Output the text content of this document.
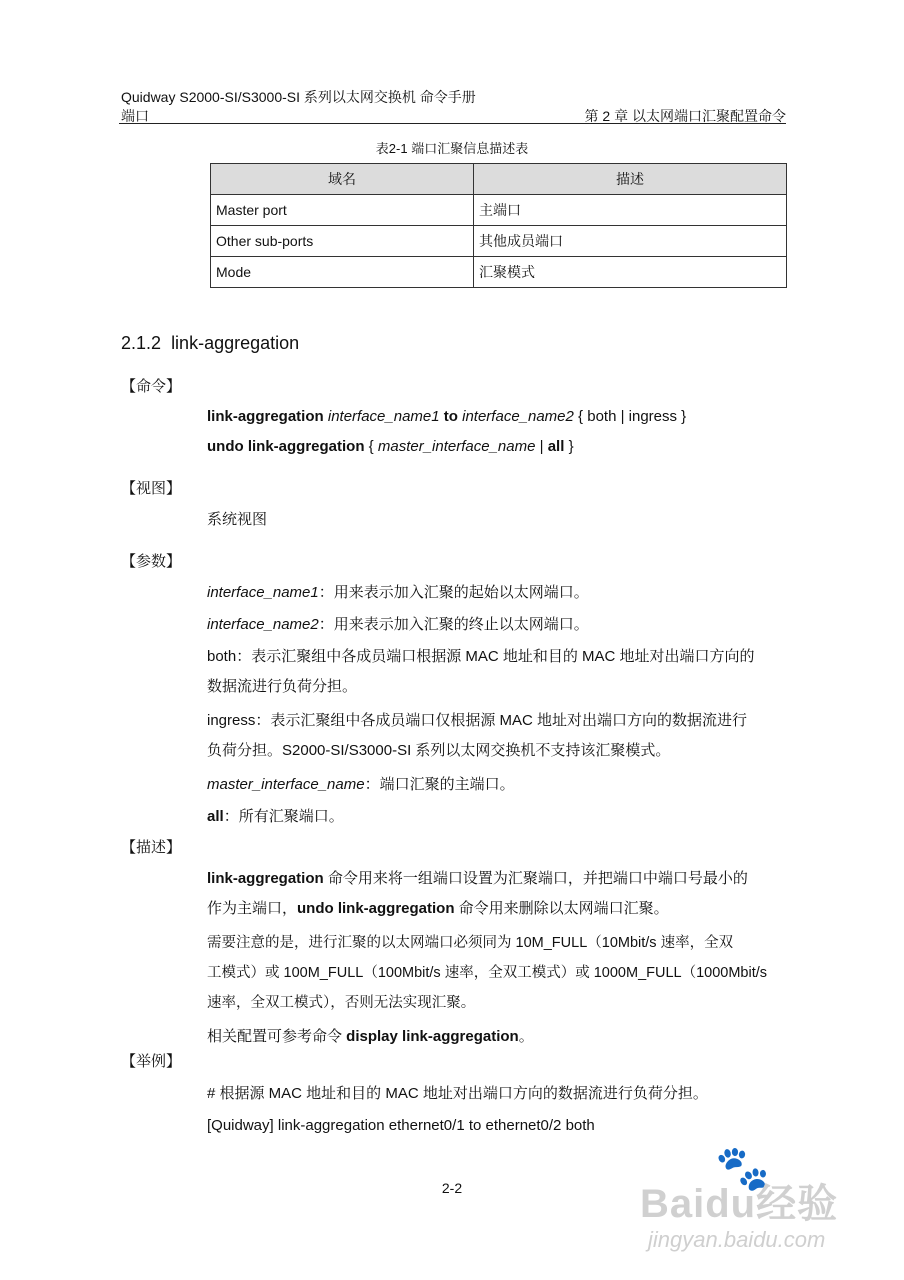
Quidway S2000-SI/S3000-SI 系列以太网交换机 命令手册
端口	第 2 章 以太网端口汇聚配置命令
表2-1 端口汇聚信息描述表
域名	描述
Master port	主端口
Other sub-ports	其他成员端口
Mode	汇聚模式
2.1.2 link-aggregation
【命令】

link-aggregation interface_name1 to interface_name2 { both | ingress }

undo link-aggregation { master_interface_name | all }

【视图】
系统视图
【参数】

interface_name1：用来表示加入汇聚的起始以太网端口。

interface_name2：用来表示加入汇聚的终止以太网端口。

both：表示汇聚组中各成员端口根据源 MAC 地址和目的 MAC 地址对出端口方向的
数据流进行负荷分担。

ingress：表示汇聚组中各成员端口仅根据源 MAC 地址对出端口方向的数据流进行
负荷分担。S2000-SI/S3000-SI 系列以太网交换机不支持该汇聚模式。

master_interface_name：端口汇聚的主端口。

all：所有汇聚端口。

【描述】

link-aggregation 命令用来将一组端口设置为汇聚端口，并把端口中端口号最小的
作为主端口，undo link-aggregation 命令用来删除以太网端口汇聚。

需要注意的是，进行汇聚的以太网端口必须同为 10M_FULL（10Mbit/s 速率，全双
工模式）或 100M_FULL（100Mbit/s 速率，全双工模式）或 1000M_FULL（1000Mbit/s
速率，全双工模式），否则无法实现汇聚。

相关配置可参考命令 display link-aggregation。

【举例】

# 根据源 MAC 地址和目的 MAC 地址对出端口方向的数据流进行负荷分担。

[Quidway] link-aggregation ethernet0/1 to ethernet0/2 both

2-2	🐾
Baidu经验
jingyan.baidu.com
